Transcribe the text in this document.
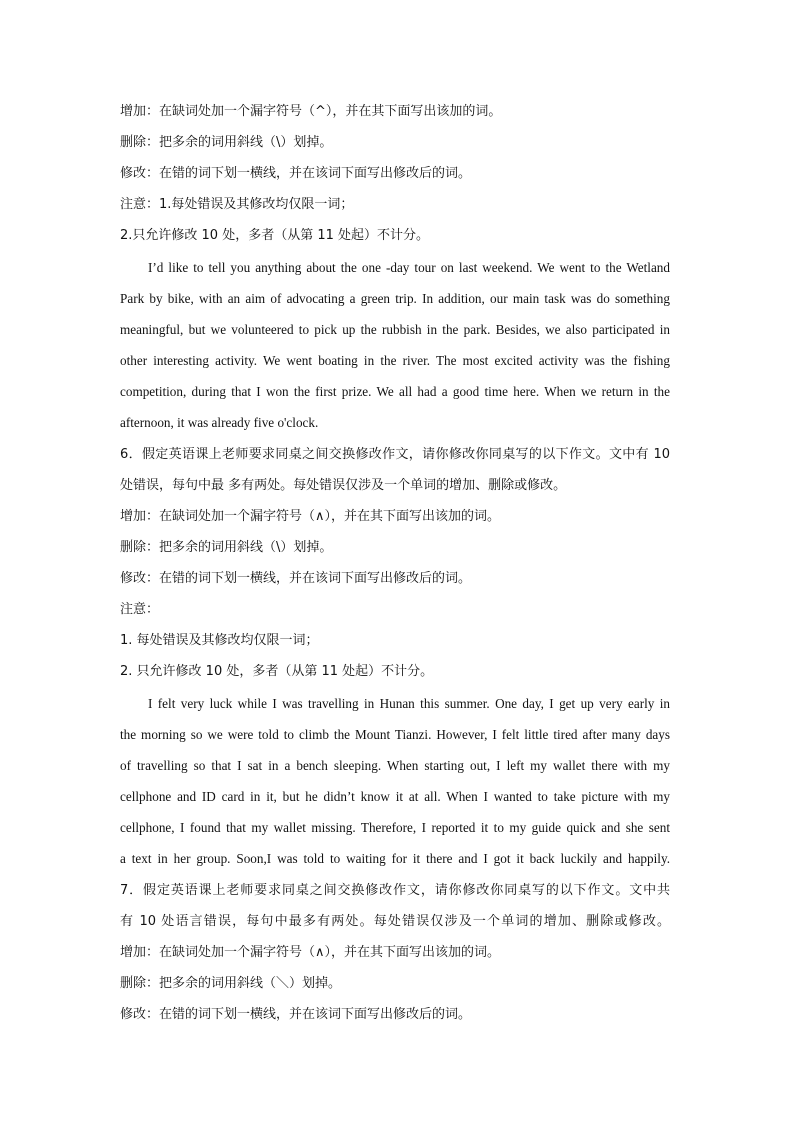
增加：在缺词处加一个漏字符号（^），并在其下面写出该加的词。
删除：把多余的词用斜线（\）划掉。
修改：在错的词下划一横线，并在该词下面写出修改后的词。
注意：1.每处错误及其修改均仅限一词；
2.只允许修改 10 处，多者（从第 11 处起）不计分。
I’d like to tell you anything about the one -day tour on last weekend. We went to the Wetland
Park by bike, with an aim of advocating a green trip. In addition, our main task was do something
meaningful, but we volunteered to pick up the rubbish in the park. Besides, we also participated in
other interesting activity. We went boating in the river. The most excited activity was the fishing
competition, during that I won the first prize. We all had a good time here. When we return in the
afternoon, it was already five o'clock.
6．假定英语课上老师要求同桌之间交换修改作文，请你修改你同桌写的以下作文。文中有 10
处错误，每句中最 多有两处。每处错误仅涉及一个单词的增加、删除或修改。
增加：在缺词处加一个漏字符号（∧），并在其下面写出该加的词。
删除：把多余的词用斜线（\）划掉。
修改：在错的词下划一横线，并在该词下面写出修改后的词。
注意：
1. 每处错误及其修改均仅限一词；
2. 只允许修改 10 处，多者（从第 11 处起）不计分。
I felt very luck while I was travelling in Hunan this summer. One day, I get up very early in
the morning so we were told to climb the Mount Tianzi. However, I felt little tired after many days
of travelling so that I sat in a bench sleeping. When starting out, I left my wallet there with my
cellphone and ID card in it, but he didn’t know it at all. When I wanted to take picture with my
cellphone, I found that my wallet missing. Therefore, I reported it to my guide quick and she sent
a text in her group. Soon,I was told to waiting for it there and I got it back luckily and happily.
7．假定英语课上老师要求同桌之间交换修改作文，请你修改你同桌写的以下作文。文中共
有 10 处语言错误，每句中最多有两处。每处错误仅涉及一个单词的增加、删除或修改。
增加：在缺词处加一个漏字符号（∧），并在其下面写出该加的词。
删除：把多余的词用斜线（＼）划掉。
修改：在错的词下划一横线，并在该词下面写出修改后的词。
